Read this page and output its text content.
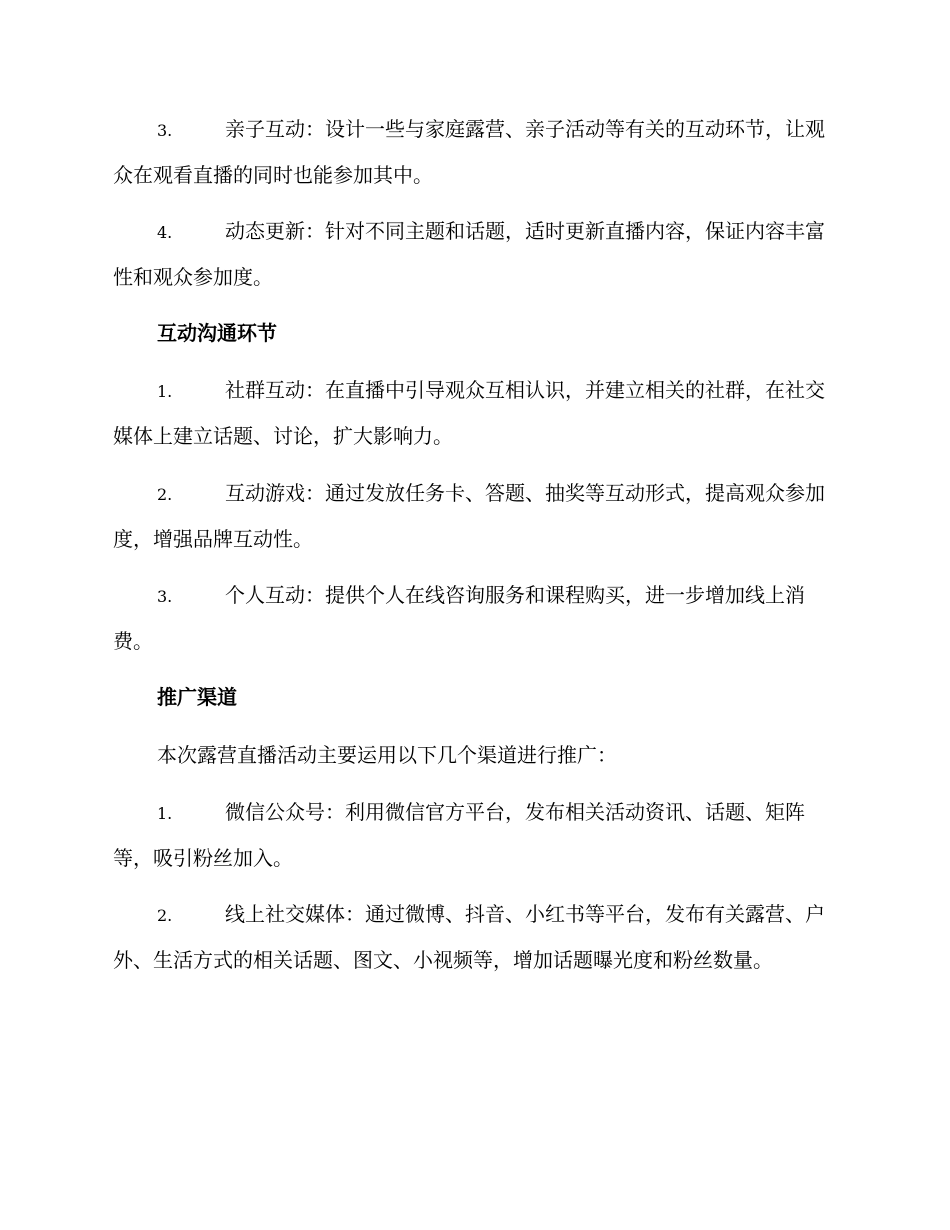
3.	亲子互动：设计一些与家庭露营、亲子活动等有关的互动环节，让观众在观看直播的同时也能参加其中。

4.	动态更新：针对不同主题和话题，适时更新直播内容，保证内容丰富性和观众参加度。

互动沟通环节

1.	社群互动：在直播中引导观众互相认识，并建立相关的社群，在社交媒体上建立话题、讨论，扩大影响力。

2.	互动游戏：通过发放任务卡、答题、抽奖等互动形式，提高观众参加度，增强品牌互动性。

3.	个人互动：提供个人在线咨询服务和课程购买，进一步增加线上消费。

推广渠道

本次露营直播活动主要运用以下几个渠道进行推广：

1.	微信公众号：利用微信官方平台，发布相关活动资讯、话题、矩阵等，吸引粉丝加入。

2.	线上社交媒体：通过微博、抖音、小红书等平台，发布有关露营、户外、生活方式的相关话题、图文、小视频等，增加话题曝光度和粉丝数量。
